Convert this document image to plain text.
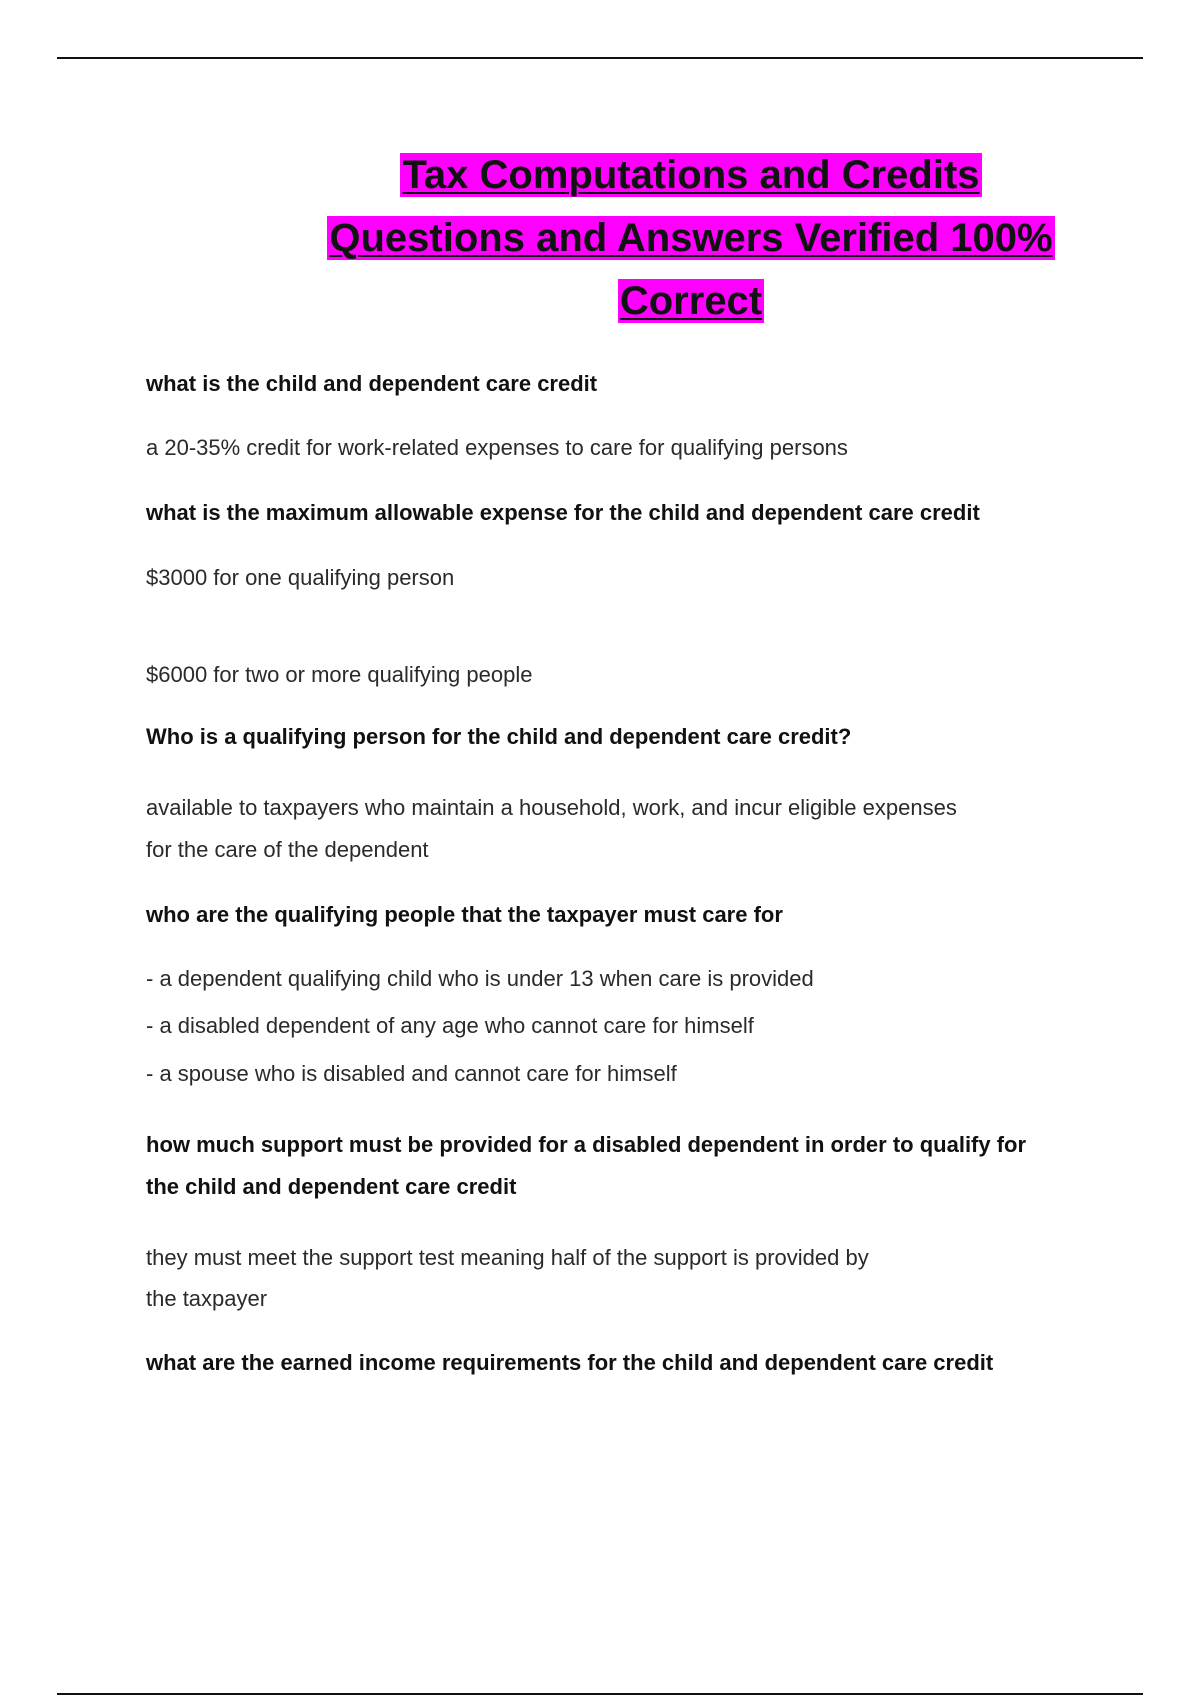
Tax Computations and Credits
Questions and Answers Verified 100%
Correct

what is the child and dependent care credit

a 20-35% credit for work-related expenses to care for qualifying persons

what is the maximum allowable expense for the child and dependent care credit

$3000 for one qualifying person

$6000 for two or more qualifying people

Who is a qualifying person for the child and dependent care credit?

available to taxpayers who maintain a household, work, and incur eligible expenses

for the care of the dependent

who are the qualifying people that the taxpayer must care for

- a dependent qualifying child who is under 13 when care is provided

- a disabled dependent of any age who cannot care for himself

- a spouse who is disabled and cannot care for himself

how much support must be provided for a disabled dependent in order to qualify for

the child and dependent care credit

they must meet the support test meaning half of the support is provided by

the taxpayer

what are the earned income requirements for the child and dependent care credit
